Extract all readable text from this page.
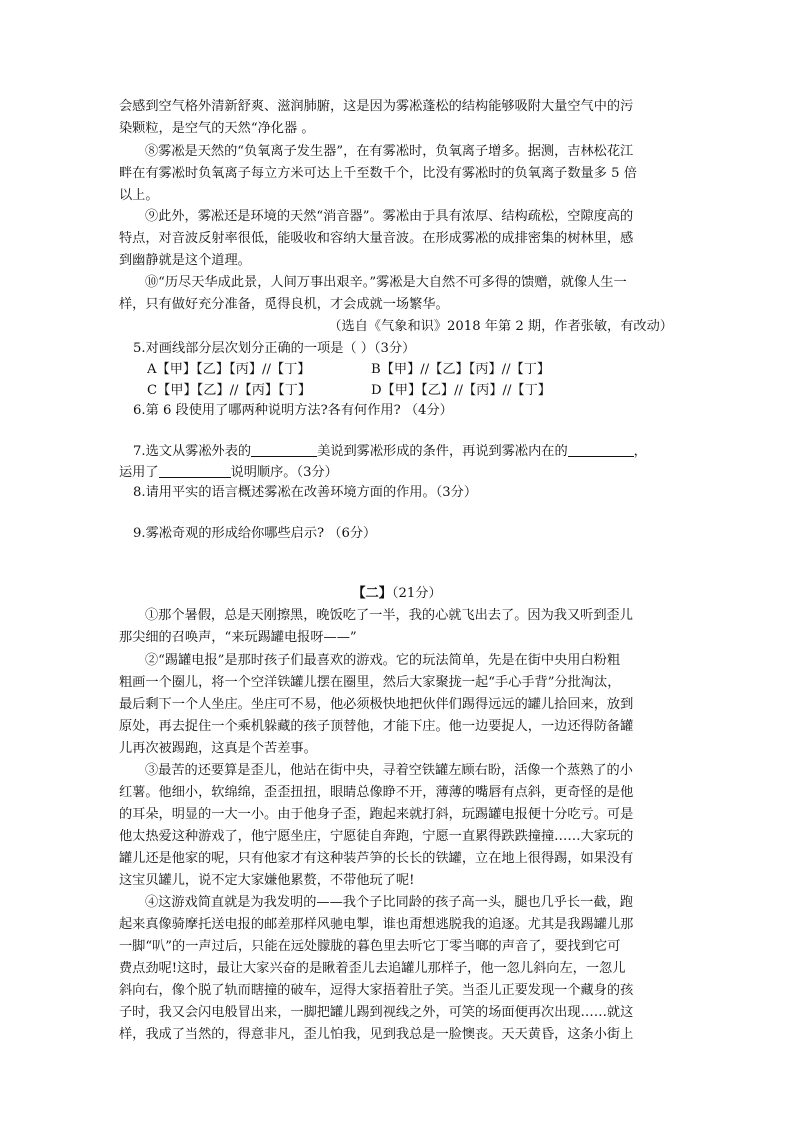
会感到空气格外清新舒爽、滋润肺腑，这是因为雾凇蓬松的结构能够吸附大量空气中的污
染颗粒，是空气的天然“净化器 。
⑧雾凇是天然的“负氧离子发生器”，在有雾凇时，负氧离子增多。据测，吉林松花江
畔在有雾凇时负氧离子每立方米可达上千至数千个，比没有雾凇时的负氧离子数量多 5 倍
以上。
⑨此外，雾凇还是环境的天然“消音器”。雾凇由于具有浓厚、结构疏松，空隙度高的
特点，对音波反射率很低，能吸收和容纳大量音波。在形成雾凇的成排密集的树林里，感
到幽静就是这个道理。
⑩“历尽天华成此景，人间万事出艰辛。”雾凇是大自然不可多得的馈赠，就像人生一
样，只有做好充分准备，觅得良机，才会成就一场繁华。
（选自《气象和识》2018 年第 2 期，作者张敏，有改动）
5.对画线部分层次划分正确的一项是（ ）（3分）
A【甲】【乙】【丙】//【丁】	B【甲】//【乙】【丙】//【丁】
C【甲】【乙】//【丙】【丁】	D【甲】【乙】//【丙】//【丁】
6.第 6 段使用了哪两种说明方法?各有何作用? （4分）
7.选文从雾凇外表的	美说到雾凇形成的条件，再说到雾凇内在的	，
运用了	说明顺序。（3分）
8.请用平实的语言概述雾凇在改善环境方面的作用。（3分）
9.雾凇奇观的形成给你哪些启示? （6分）
【二】（21分）
①那个暑假，总是天刚擦黑，晚饭吃了一半，我的心就飞出去了。因为我又听到歪儿
那尖细的召唤声，“来玩踢罐电报呀——”
②“踢罐电报”是那时孩子们最喜欢的游戏。它的玩法简单，先是在街中央用白粉粗
粗画一个圈儿，将一个空洋铁罐儿摆在圈里，然后大家聚拢一起“手心手背”分批淘汰，
最后剩下一个人坐庄。坐庄可不易，他必须极快地把伙伴们踢得远远的罐儿拾回来，放到
原处，再去捉住一个乘机躲藏的孩子顶替他，才能下庄。他一边要捉人，一边还得防备罐
儿再次被踢跑，这真是个苦差事。
③最苦的还要算是歪儿，他站在街中央，寻着空铁罐左顾右盼，活像一个蒸熟了的小
红薯。他细小，软绵绵，歪歪扭扭，眼睛总像睁不开，薄薄的嘴唇有点斜，更奇怪的是他
的耳朵，明显的一大一小。由于他身子歪，跑起来就打斜，玩踢罐电报便十分吃亏。可是
他太热爱这种游戏了，他宁愿坐庄，宁愿徒自奔跑，宁愿一直累得跌跌撞撞……大家玩的
罐儿还是他家的呢，只有他家才有这种装芦笋的长长的铁罐，立在地上很得踢，如果没有
这宝贝罐儿，说不定大家嫌他累赘，不带他玩了呢!
④这游戏简直就是为我发明的——我个子比同龄的孩子高一头，腿也几乎长一截，跑
起来真像骑摩托送电报的邮差那样风驰电掣，谁也甭想逃脱我的追逐。尤其是我踢罐儿那
一脚“叭”的一声过后，只能在远处朦胧的暮色里去听它丁零当啷的声音了，要找到它可
费点劲呢!这时，最让大家兴奋的是瞅着歪儿去追罐儿那样子，他一忽儿斜向左，一忽儿
斜向右，像个脱了轨而瞎撞的破车，逗得大家捂着肚子笑。当歪儿正要发现一个藏身的孩
子时，我又会闪电般冒出来，一脚把罐儿踢到视线之外，可笑的场面便再次出现……就这
样，我成了当然的，得意非凡，歪儿怕我，见到我总是一脸懊丧。天天黄昏，这条小街上
